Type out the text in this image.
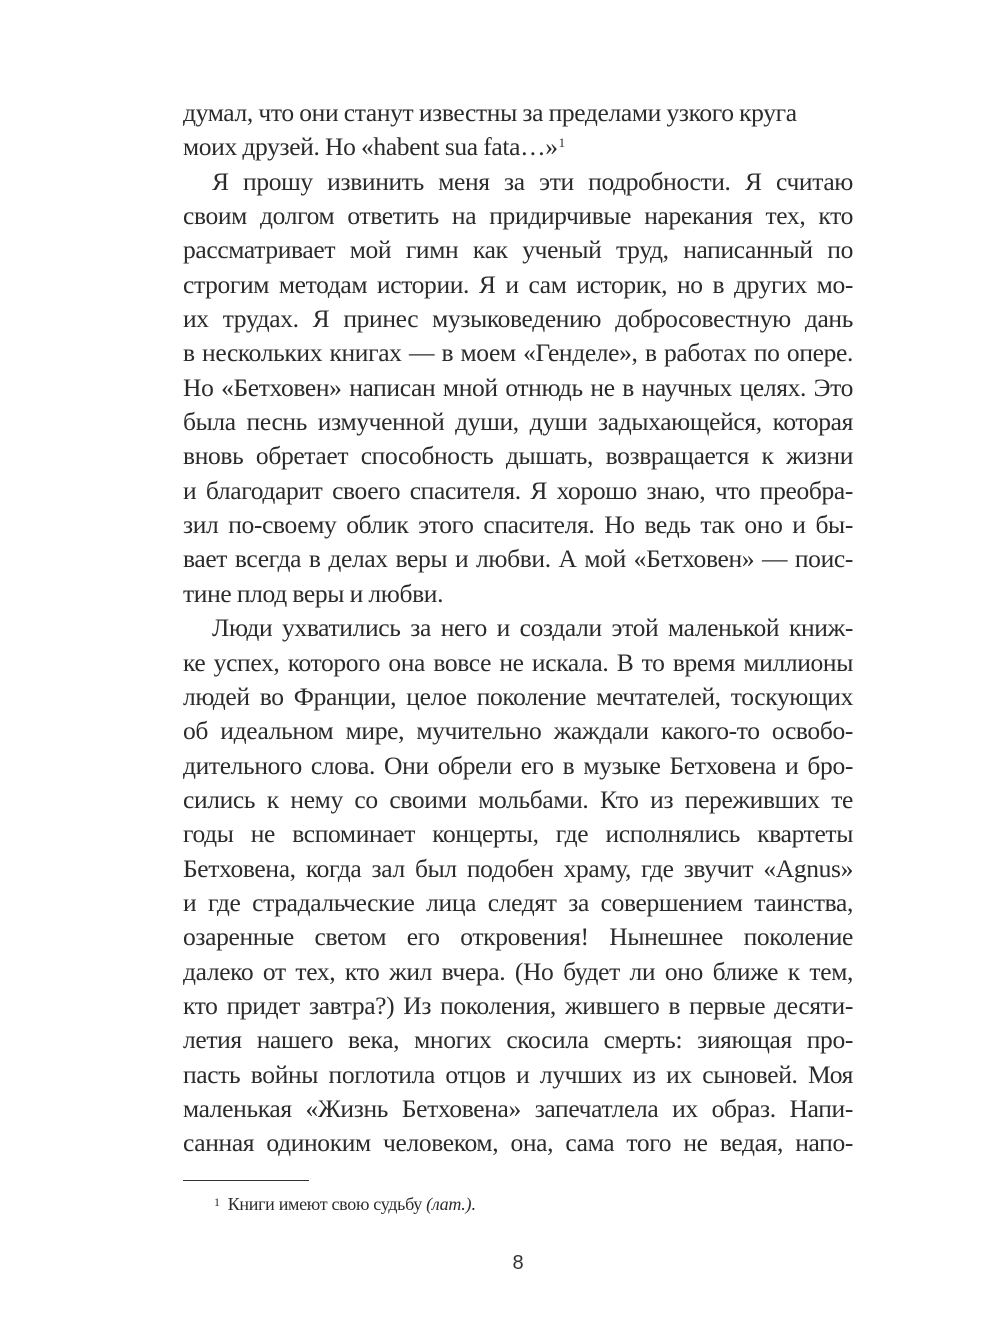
думал, что они станут известны за пределами узкого круга
моих друзей. Но «habent sua fata…»$^1$
Я прошу извинить меня за эти подробности. Я считаю
своим долгом ответить на придирчивые нарекания тех, кто
рассматривает мой гимн как ученый труд, написанный по
строгим методам истории. Я и сам историк, но в других мо-
их трудах. Я принес музыковедению добросовестную дань
в нескольких книгах — в моем «Генделе», в работах по опере.
Но «Бетховен» написан мной отнюдь не в научных целях. Это
была песнь измученной души, души задыхающейся, которая
вновь обретает способность дышать, возвращается к жизни
и благодарит своего спасителя. Я хорошо знаю, что преобра-
зил по-своему облик этого спасителя. Но ведь так оно и бы-
вает всегда в делах веры и любви. А мой «Бетховен» — поис-
тине плод веры и любви.
Люди ухватились за него и создали этой маленькой книж-
ке успех, которого она вовсе не искала. В то время миллионы
людей во Франции, целое поколение мечтателей, тоскующих
об идеальном мире, мучительно жаждали какого-то освобо-
дительного слова. Они обрели его в музыке Бетховена и бро-
сились к нему со своими мольбами. Кто из переживших те
годы не вспоминает концерты, где исполнялись квартеты
Бетховена, когда зал был подобен храму, где звучит «Agnus»
и где страдальческие лица следят за совершением таинства,
озаренные светом его откровения! Нынешнее поколение
далеко от тех, кто жил вчера. (Но будет ли оно ближе к тем,
кто придет завтра?) Из поколения, жившего в первые десяти-
летия нашего века, многих скосила смерть: зияющая про-
пасть войны поглотила отцов и лучших из их сыновей. Моя
маленькая «Жизнь Бетховена» запечатлела их образ. Напи-
санная одиноким человеком, она, сама того не ведая, напо-
$^1$ Книги имеют свою судьбу (лат.).
8
